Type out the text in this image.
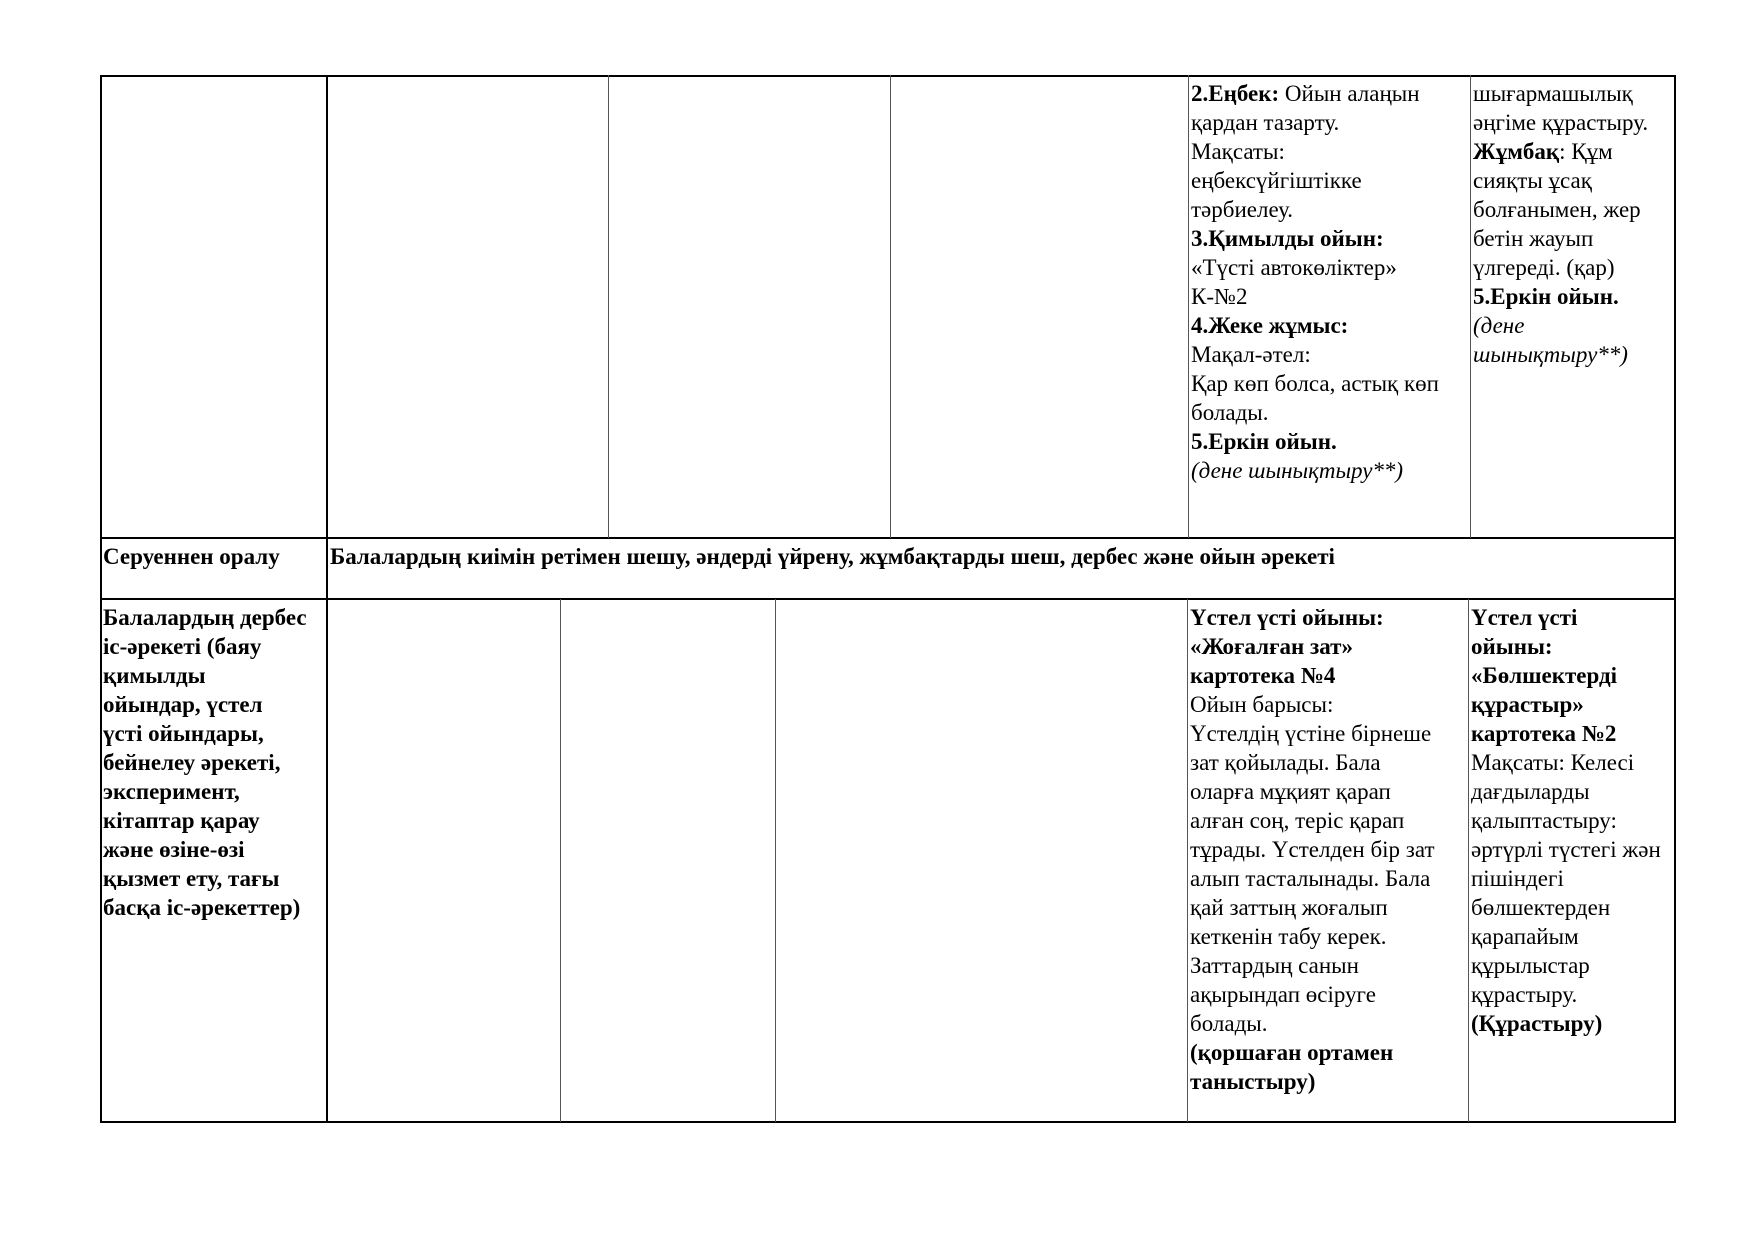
2.Еңбек: Ойын алаңын
қардан тазарту.
Мақсаты:
еңбексүйгіштікке
тәрбиелеу.
3.Қимылды ойын:
«Түсті автокөліктер»
К-№2
4.Жеке жұмыс:
Мақал-әтел:
Қар көп болса, астық көп
болады.
5.Еркін ойын.
(дене шынықтыру**)
шығармашылық
әңгіме құрастыру.
Жұмбақ: Құм
сияқты ұсақ
болғанымен, жер
бетін жауып
үлгереді. (қар)
5.Еркін ойын.
(дене
шынықтыру**)
Серуеннен оралу Балалардың киімін ретімен шешу, әндерді үйрену, жұмбақтарды шеш, дербес және ойын әрекеті
Балалардың дербес
іс-әрекеті (баяу
қимылды
ойындар, үстел
үсті ойындары,
бейнелеу әрекеті,
эксперимент,
кітаптар қарау
және өзіне-өзі
қызмет ету, тағы
басқа іс-әрекеттер)
Үстел үсті ойыны:
«Жоғалған зат»
картотека №4
Ойын барысы:
Үстелдің үстіне бірнеше
зат қойылады. Бала
оларға мұқият қарап
алған соң, теріс қарап
тұрады. Үстелден бір зат
алып тасталынады. Бала
қай заттың жоғалып
кеткенін табу керек.
Заттардың санын
ақырындап өсіруге
болады.
(қоршаған ортамен
таныстыру)
Үстел үсті
ойыны:
«Бөлшектерді
құрастыр»
картотека №2
Мақсаты: Келесі
дағдыларды
қалыптастыру:
әртүрлі түстегі жән
пішіндегі
бөлшектерден
қарапайым
құрылыстар
құрастыру.
(Құрастыру)
